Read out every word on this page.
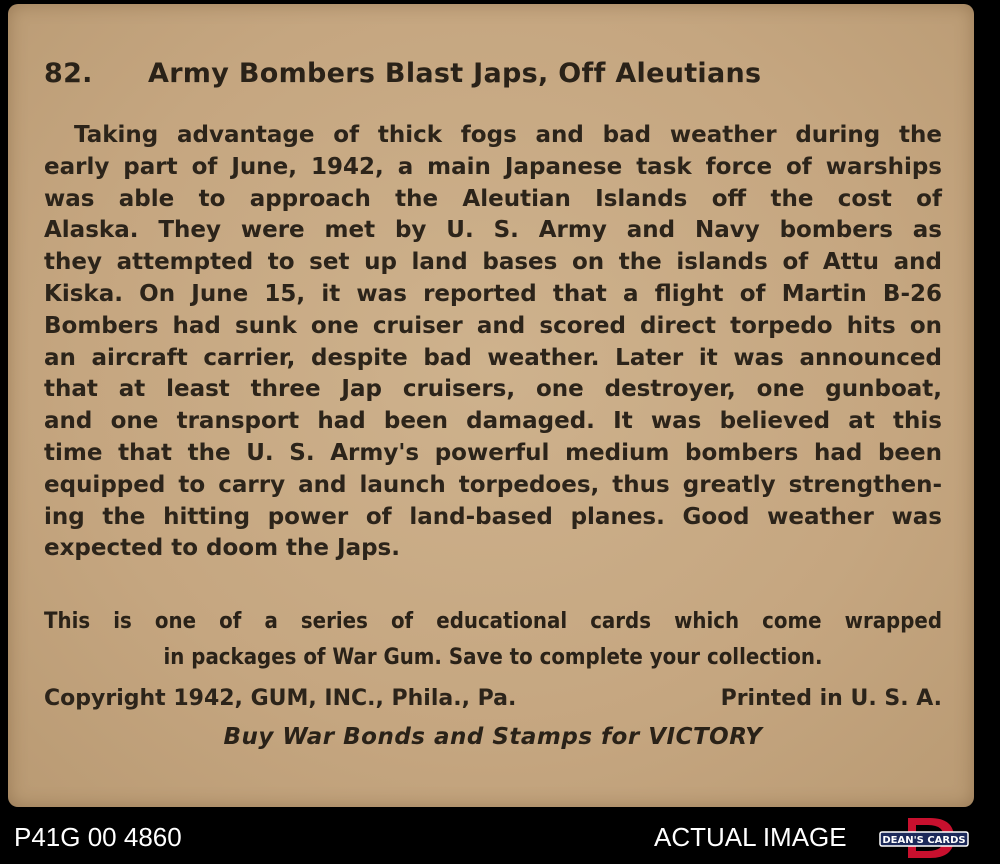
82. Army Bombers Blast Japs, Off Aleutians
Taking advantage of thick fogs and bad weather during the
early part of June, 1942, a main Japanese task force of warships
was able to approach the Aleutian Islands off the cost of
Alaska. They were met by U. S. Army and Navy bombers as
they attempted to set up land bases on the islands of Attu and
Kiska. On June 15, it was reported that a flight of Martin B-26
Bombers had sunk one cruiser and scored direct torpedo hits on
an aircraft carrier, despite bad weather. Later it was announced
that at least three Jap cruisers, one destroyer, one gunboat,
and one transport had been damaged. It was believed at this
time that the U. S. Army's powerful medium bombers had been
equipped to carry and launch torpedoes, thus greatly strengthen-
ing the hitting power of land-based planes. Good weather was
expected to doom the Japs.
This is one of a series of educational cards which come wrapped
in packages of War Gum. Save to complete your collection.
Copyright 1942, GUM, INC., Phila., Pa.	Printed in U. S. A.
Buy War Bonds and Stamps for VICTORY
P41G 00 4860	ACTUAL IMAGE	DEAN'S CARDS
